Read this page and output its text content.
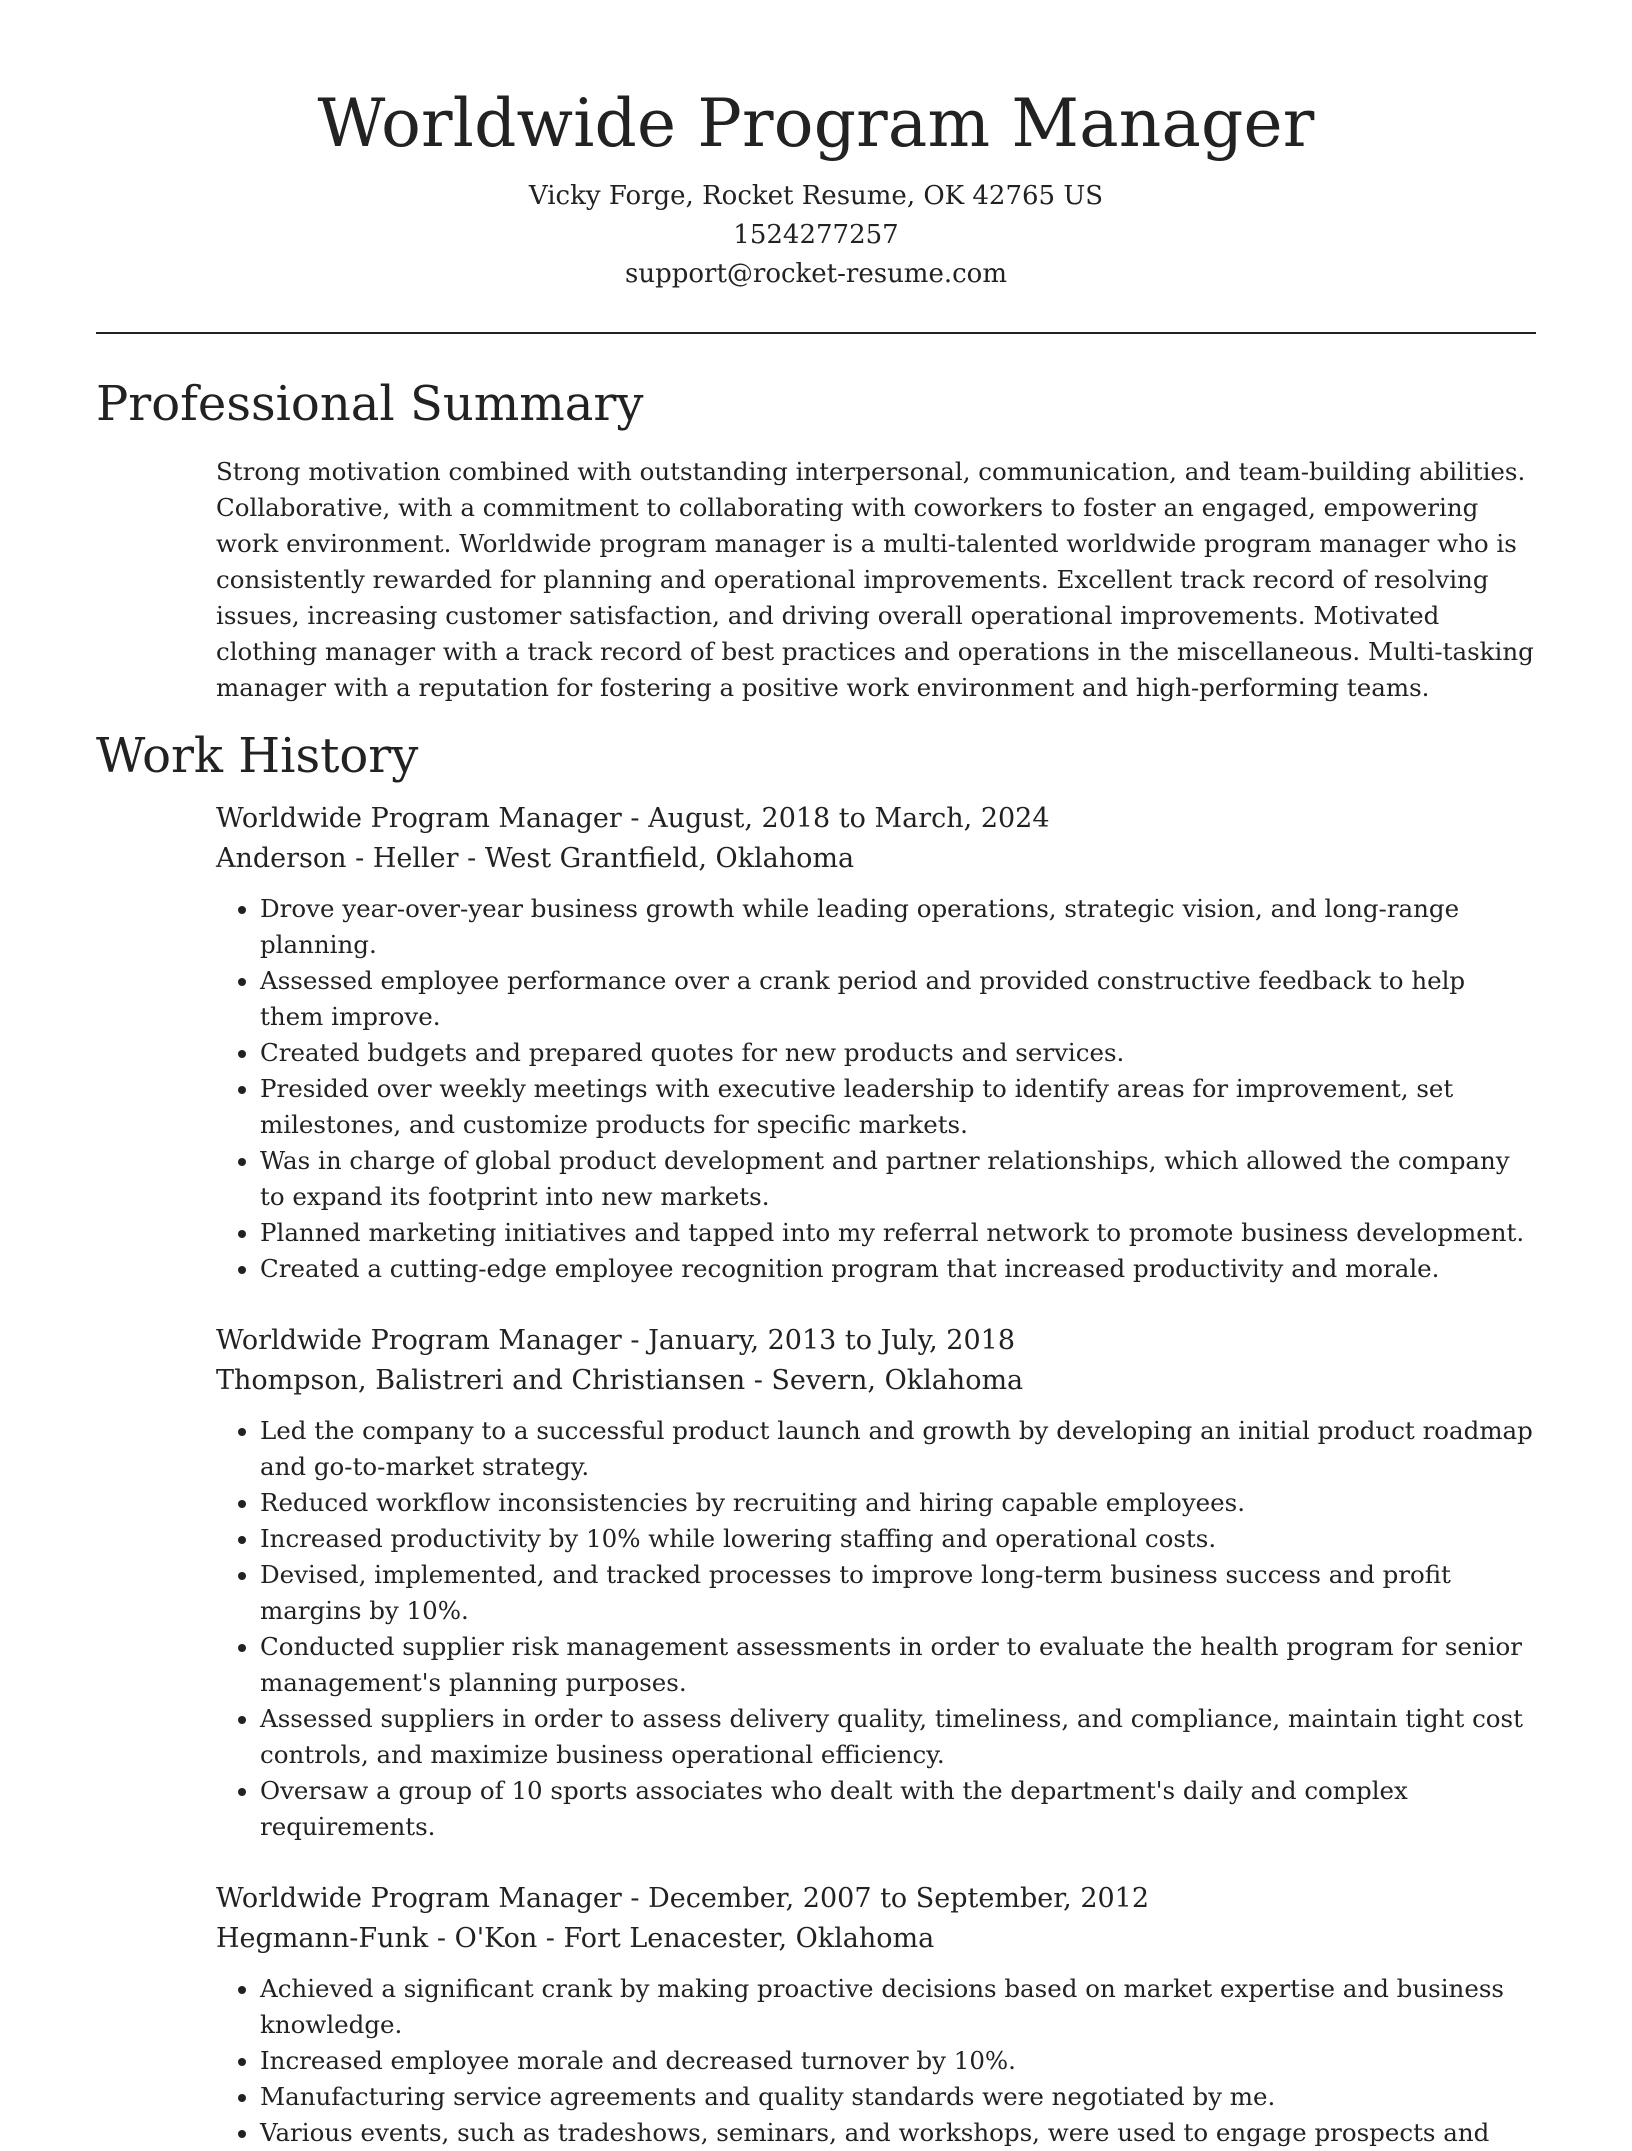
Worldwide Program Manager
Vicky Forge, Rocket Resume, OK 42765 US
1524277257
support@rocket-resume.com
Professional Summary

Strong motivation combined with outstanding interpersonal, communication, and team-building abilities. Collaborative, with a commitment to collaborating with coworkers to foster an engaged, empowering work environment. Worldwide program manager is a multi-talented worldwide program manager who is consistently rewarded for planning and operational improvements. Excellent track record of resolving issues, increasing customer satisfaction, and driving overall operational improvements. Motivated clothing manager with a track record of best practices and operations in the miscellaneous. Multi-tasking manager with a reputation for fostering a positive work environment and high-performing teams.

Work History
Worldwide Program Manager - August, 2018 to March, 2024
Anderson - Heller - West Grantfield, Oklahoma
• Drove year-over-year business growth while leading operations, strategic vision, and long-range planning.
• Assessed employee performance over a crank period and provided constructive feedback to help them improve.
• Created budgets and prepared quotes for new products and services.
• Presided over weekly meetings with executive leadership to identify areas for improvement, set milestones, and customize products for specific markets.
• Was in charge of global product development and partner relationships, which allowed the company to expand its footprint into new markets.
• Planned marketing initiatives and tapped into my referral network to promote business development.
• Created a cutting-edge employee recognition program that increased productivity and morale.
Worldwide Program Manager - January, 2013 to July, 2018
Thompson, Balistreri and Christiansen - Severn, Oklahoma
• Led the company to a successful product launch and growth by developing an initial product roadmap and go-to-market strategy.
• Reduced workflow inconsistencies by recruiting and hiring capable employees.
• Increased productivity by 10% while lowering staffing and operational costs.
• Devised, implemented, and tracked processes to improve long-term business success and profit margins by 10%.
• Conducted supplier risk management assessments in order to evaluate the health program for senior management's planning purposes.
• Assessed suppliers in order to assess delivery quality, timeliness, and compliance, maintain tight cost controls, and maximize business operational efficiency.
• Oversaw a group of 10 sports associates who dealt with the department's daily and complex requirements.
Worldwide Program Manager - December, 2007 to September, 2012
Hegmann-Funk - O'Kon - Fort Lenacester, Oklahoma
• Achieved a significant crank by making proactive decisions based on market expertise and business knowledge.
• Increased employee morale and decreased turnover by 10%.
• Manufacturing service agreements and quality standards were negotiated by me.
• Various events, such as tradeshows, seminars, and workshops, were used to engage prospects and
